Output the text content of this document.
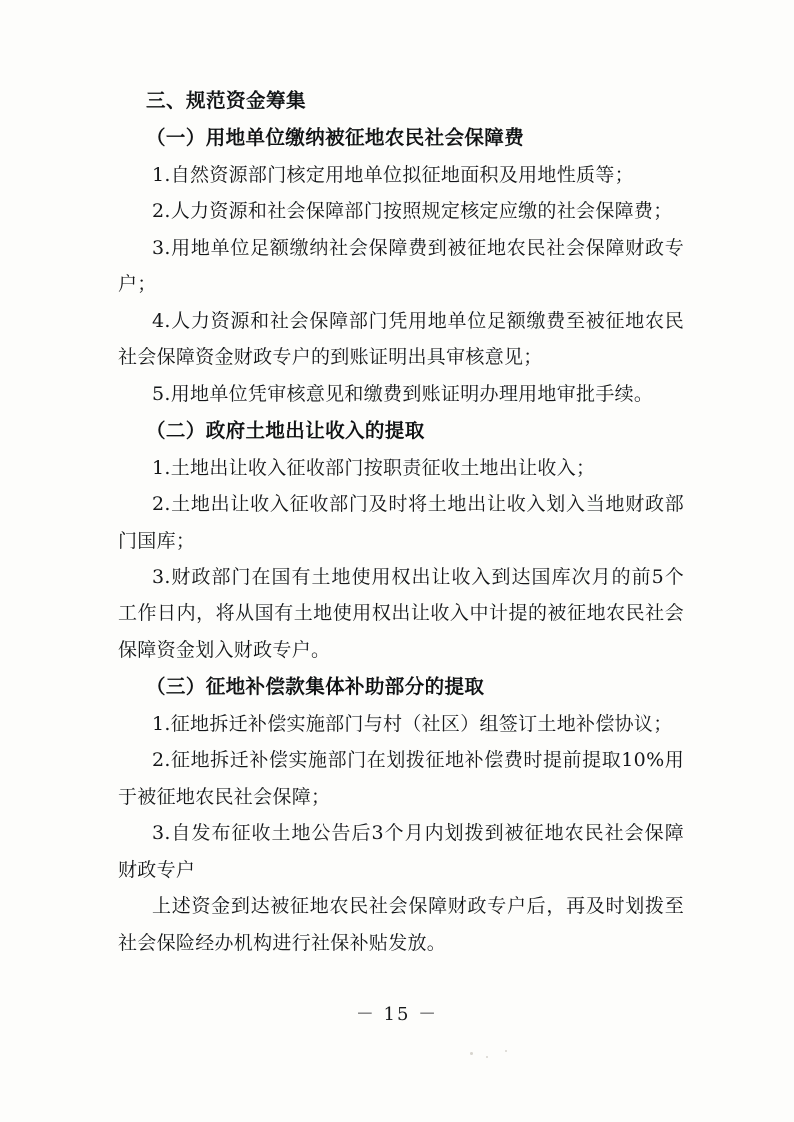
三、规范资金筹集

（一）用地单位缴纳被征地农民社会保障费

1.自然资源部门核定用地单位拟征地面积及用地性质等；

2.人力资源和社会保障部门按照规定核定应缴的社会保障费；

3.用地单位足额缴纳社会保障费到被征地农民社会保障财政专户；

4.人力资源和社会保障部门凭用地单位足额缴费至被征地农民社会保障资金财政专户的到账证明出具审核意见；

5.用地单位凭审核意见和缴费到账证明办理用地审批手续。

（二）政府土地出让收入的提取

1.土地出让收入征收部门按职责征收土地出让收入；

2.土地出让收入征收部门及时将土地出让收入划入当地财政部门国库；

3.财政部门在国有土地使用权出让收入到达国库次月的前5个工作日内，将从国有土地使用权出让收入中计提的被征地农民社会保障资金划入财政专户。

（三）征地补偿款集体补助部分的提取

1.征地拆迁补偿实施部门与村（社区）组签订土地补偿协议；

2.征地拆迁补偿实施部门在划拨征地补偿费时提前提取10%用于被征地农民社会保障；

3.自发布征收土地公告后3个月内划拨到被征地农民社会保障财政专户

上述资金到达被征地农民社会保障财政专户后，再及时划拨至社会保险经办机构进行社保补贴发放。

－ 15 －
